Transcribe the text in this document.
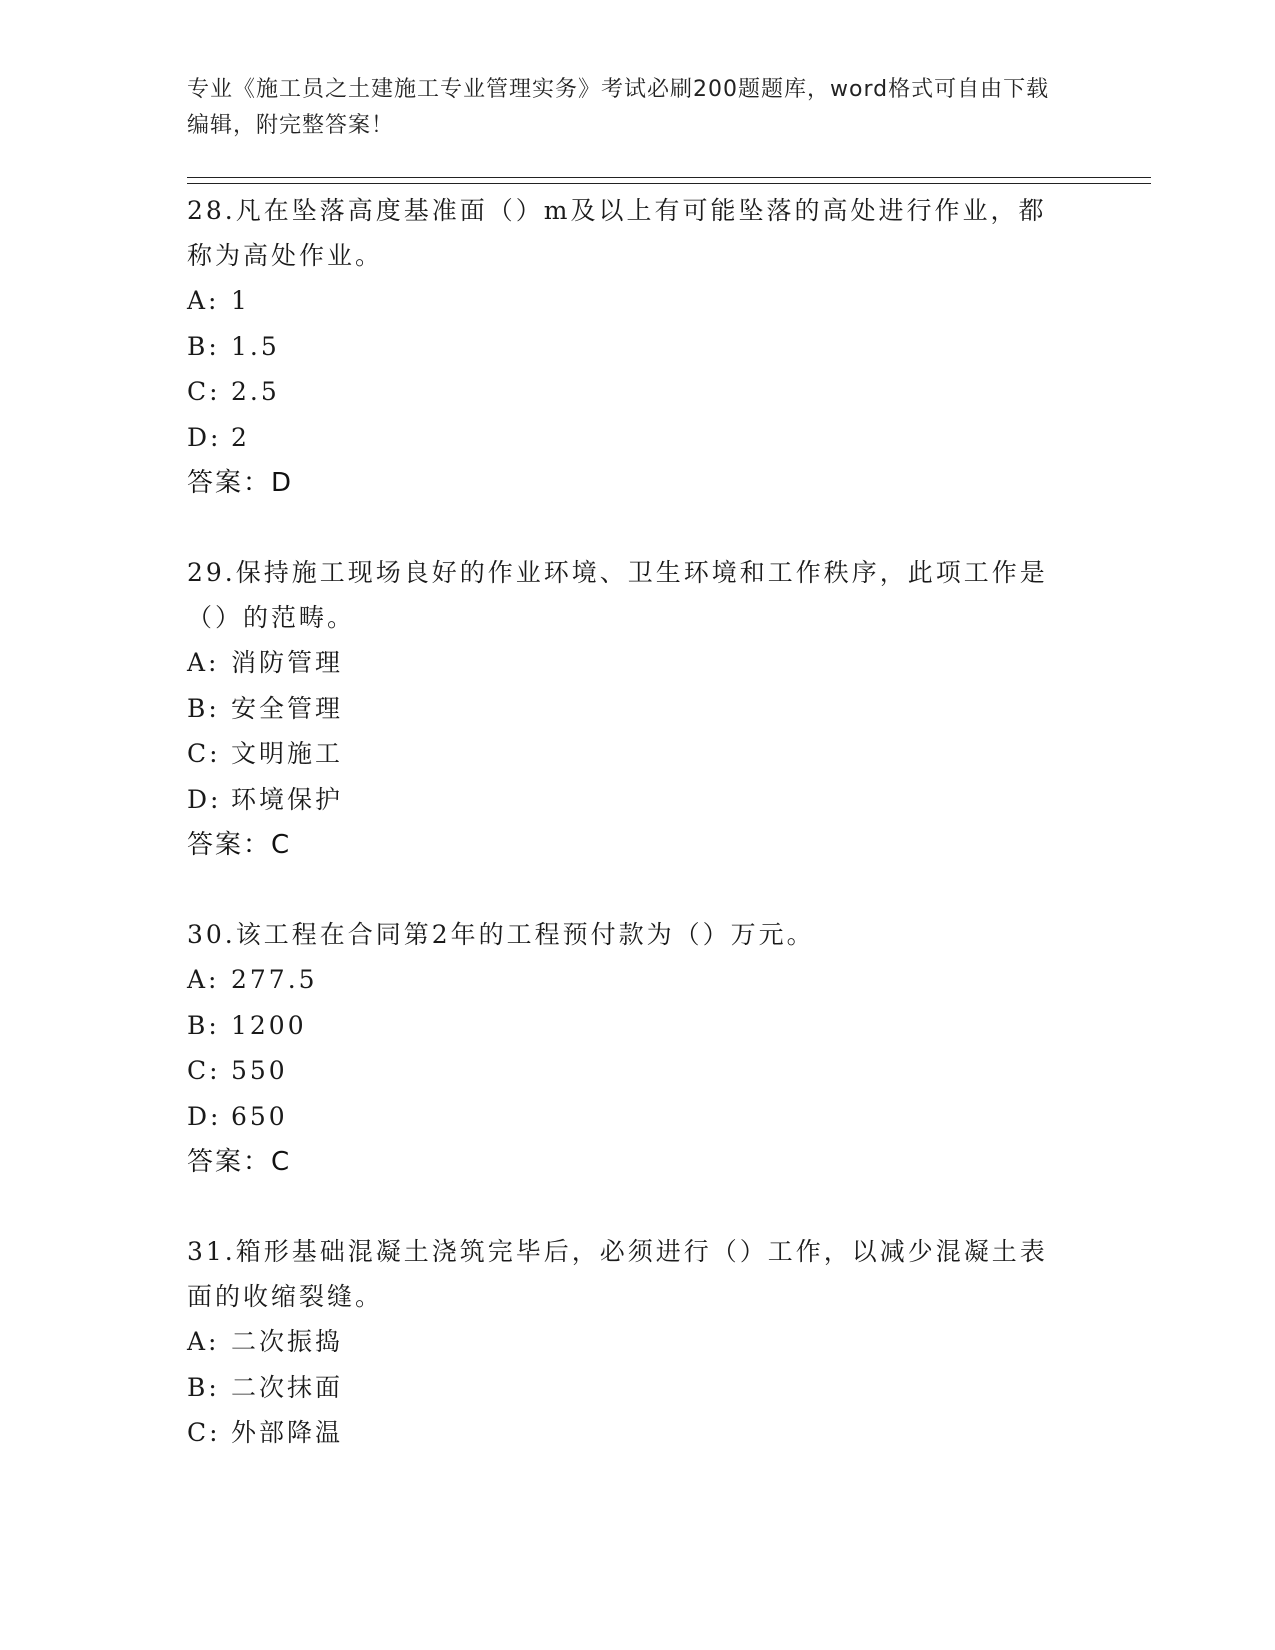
专业《施工员之土建施工专业管理实务》考试必刷200题题库，word格式可自由下载编辑，附完整答案！

28.凡在坠落高度基准面（）m及以上有可能坠落的高处进行作业，都称为高处作业。

A: 1
B: 1.5
C: 2.5
D: 2
答案：D

29.保持施工现场良好的作业环境、卫生环境和工作秩序，此项工作是（）的范畴。

A: 消防管理
B: 安全管理
C: 文明施工
D: 环境保护
答案：C

30.该工程在合同第2年的工程预付款为（）万元。

A: 277.5
B: 1200
C: 550
D: 650
答案：C

31.箱形基础混凝土浇筑完毕后，必须进行（）工作，以减少混凝土表面的收缩裂缝。

A: 二次振捣
B: 二次抹面
C: 外部降温
